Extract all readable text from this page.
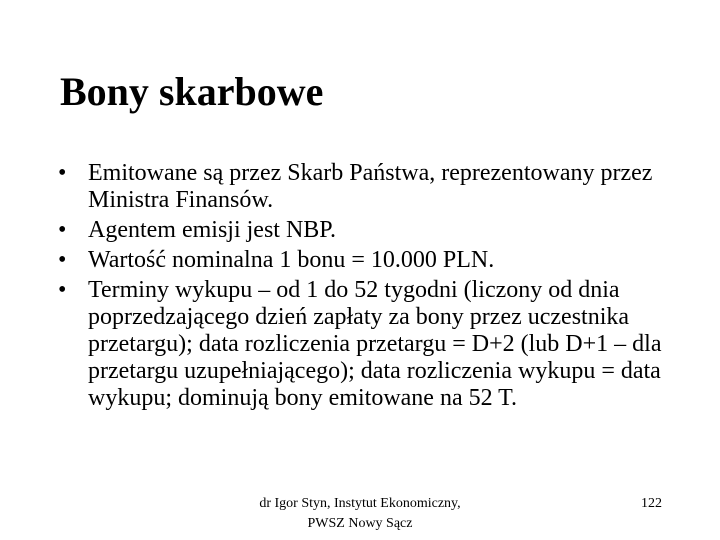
Bony skarbowe
• Emitowane są przez Skarb Państwa, reprezentowany przez Ministra Finansów.
• Agentem emisji jest NBP.
• Wartość nominalna 1 bonu = 10.000 PLN.
• Terminy wykupu – od 1 do 52 tygodni (liczony od dnia poprzedzającego dzień zapłaty za bony przez uczestnika przetargu); data rozliczenia przetargu = D+2 (lub D+1 – dla przetargu uzupełniającego); data rozliczenia wykupu = data wykupu; dominują bony emitowane na 52 T.
dr Igor Styn, Instytut Ekonomiczny,
PWSZ Nowy Sącz
122
